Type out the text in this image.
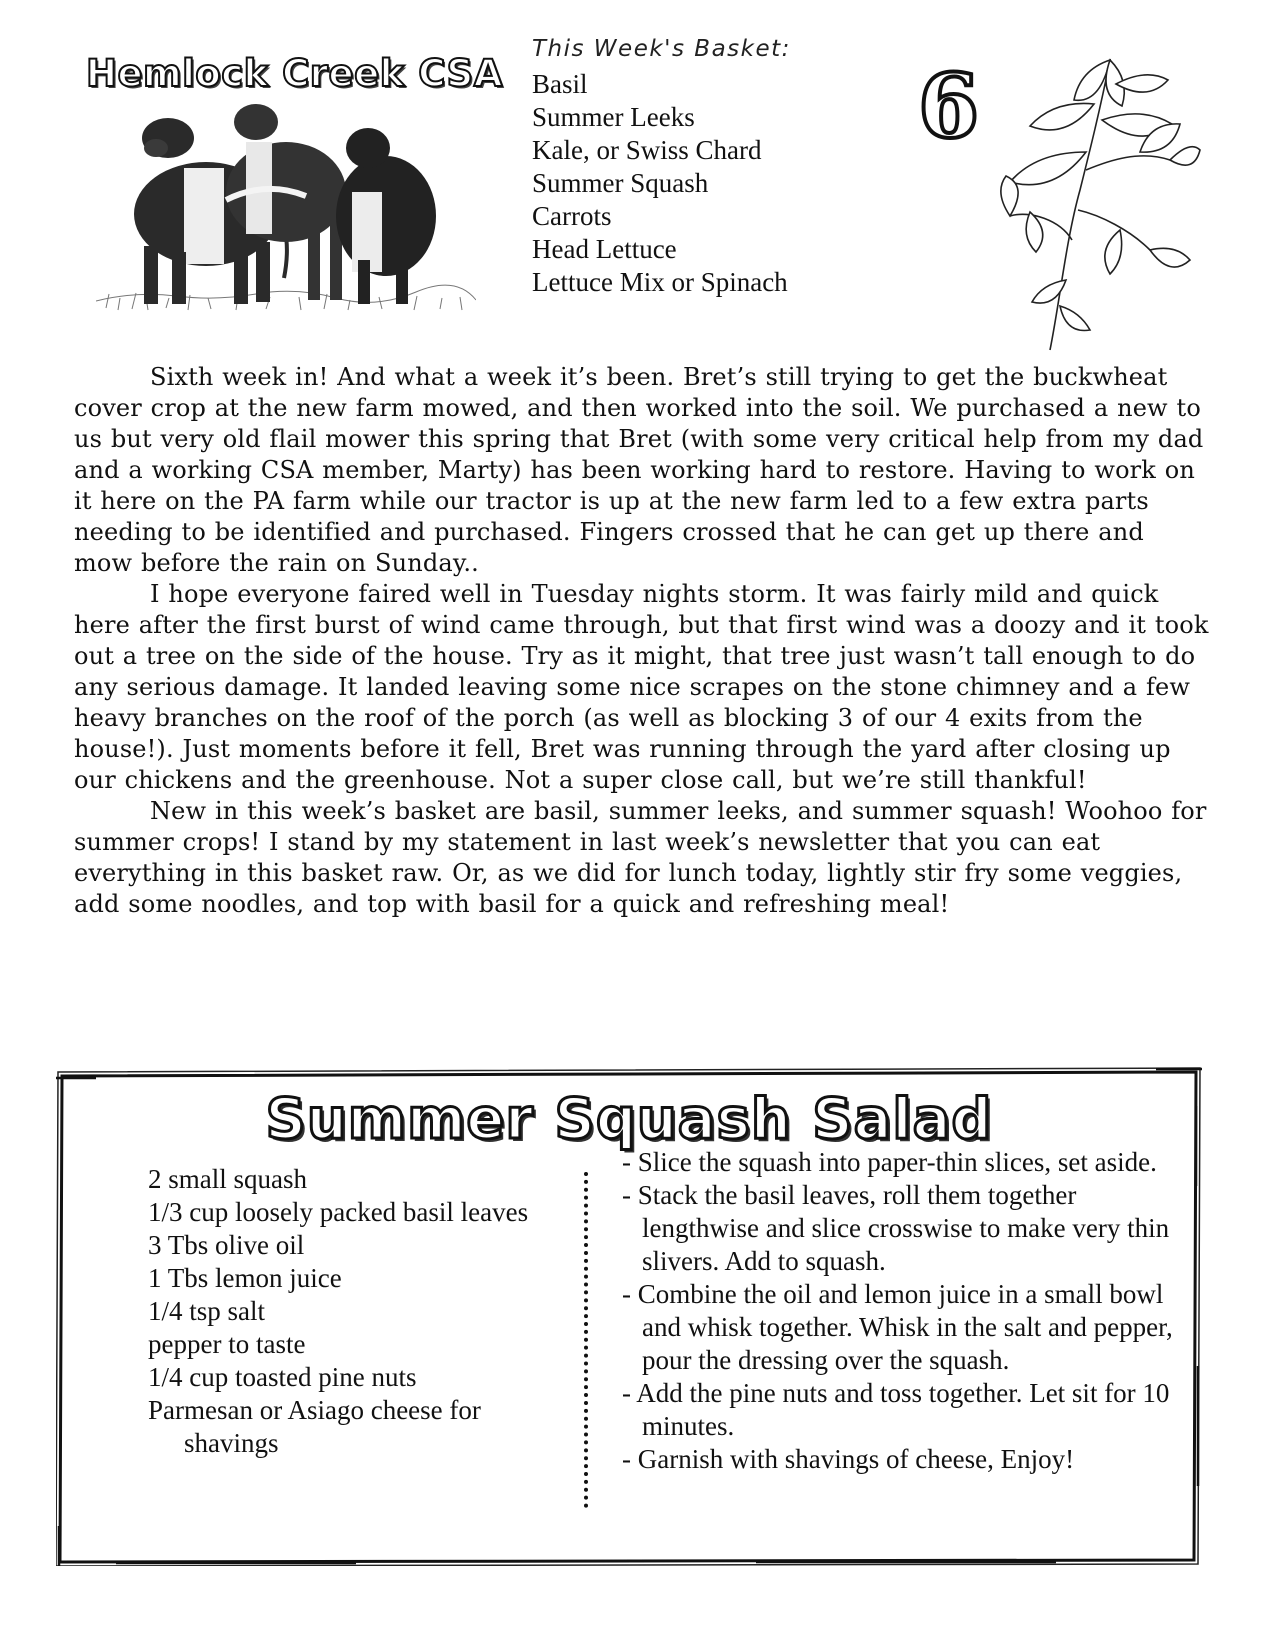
Hemlock Creek CSA
This Week's Basket:
Basil
Summer Leeks
Kale, or Swiss Chard
Summer Squash
Carrots
Head Lettuce
Lettuce Mix or Spinach
6

Sixth week in! And what a week it’s been. Bret’s still trying to get the buckwheat cover crop at the new farm mowed, and then worked into the soil. We purchased a new to us but very old flail mower this spring that Bret (with some very critical help from my dad and a working CSA member, Marty) has been working hard to restore. Having to work on it here on the PA farm while our tractor is up at the new farm led to a few extra parts needing to be identified and purchased. Fingers crossed that he can get up there and mow before the rain on Sunday..

I hope everyone faired well in Tuesday nights storm. It was fairly mild and quick here after the first burst of wind came through, but that first wind was a doozy and it took out a tree on the side of the house. Try as it might, that tree just wasn’t tall enough to do any serious damage. It landed leaving some nice scrapes on the stone chimney and a few heavy branches on the roof of the porch (as well as blocking 3 of our 4 exits from the house!). Just moments before it fell, Bret was running through the yard after closing up our chickens and the greenhouse. Not a super close call, but we’re still thankful!

New in this week’s basket are basil, summer leeks, and summer squash! Woohoo for summer crops! I stand by my statement in last week’s newsletter that you can eat everything in this basket raw. Or, as we did for lunch today, lightly stir fry some veggies, add some noodles, and top with basil for a quick and refreshing meal!

Summer Squash Salad
2 small squash
1/3 cup loosely packed basil leaves
3 Tbs olive oil
1 Tbs lemon juice
1/4 tsp salt
pepper to taste
1/4 cup toasted pine nuts
Parmesan or Asiago cheese for shavings
- Slice the squash into paper-thin slices, set aside.
- Stack the basil leaves, roll them together lengthwise and slice crosswise to make very thin slivers. Add to squash.
- Combine the oil and lemon juice in a small bowl and whisk together. Whisk in the salt and pepper, pour the dressing over the squash.
- Add the pine nuts and toss together. Let sit for 10 minutes.
- Garnish with shavings of cheese, Enjoy!
